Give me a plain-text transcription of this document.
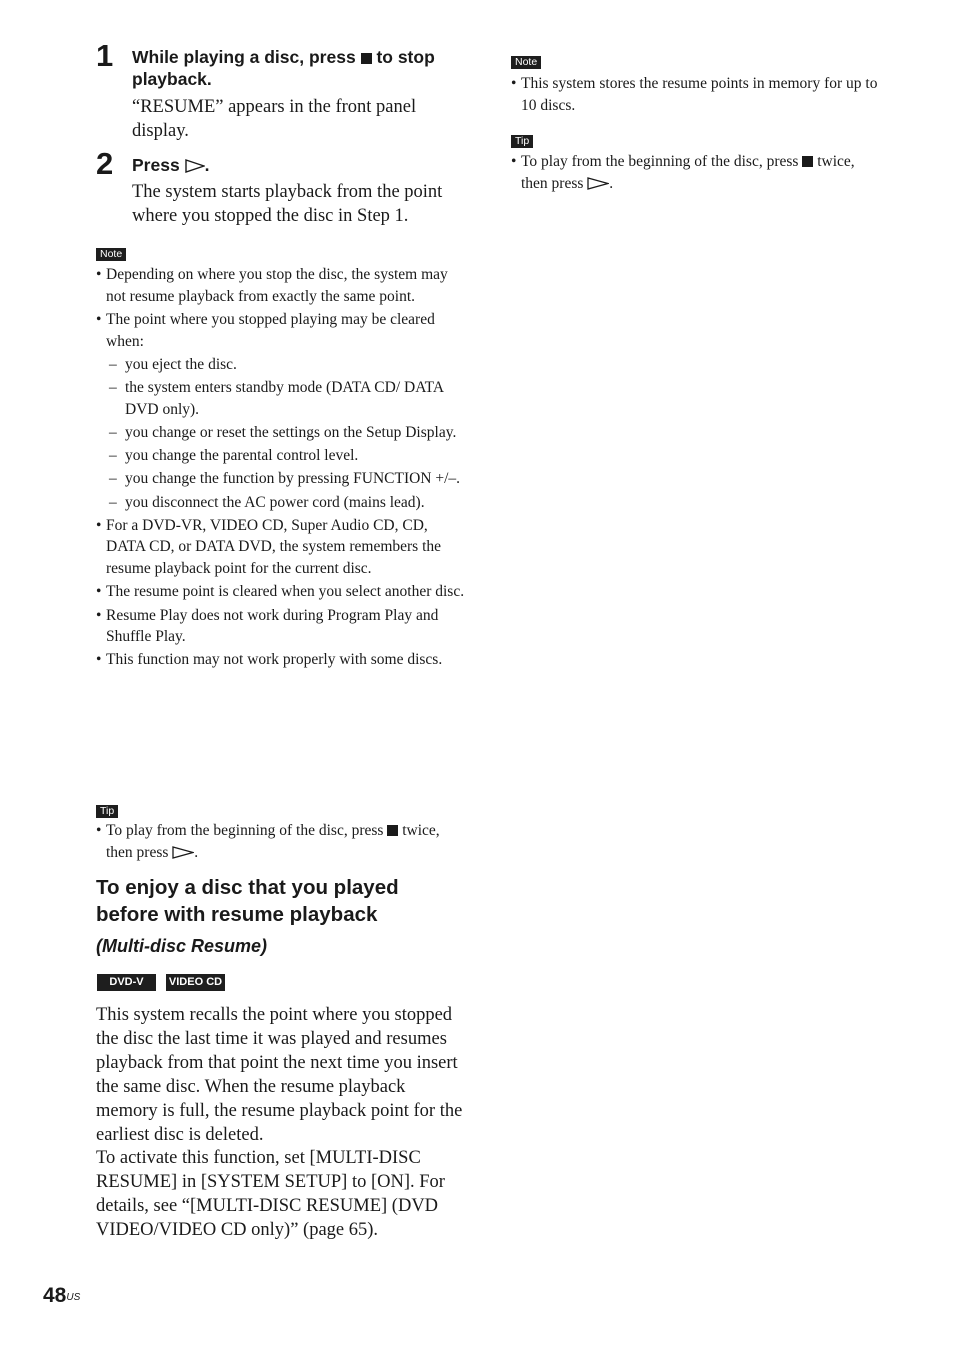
1 While playing a disc, press to stop playback.
“RESUME” appears in the front panel display.
2 Press .
The system starts playback from the point where you stopped the disc in Step 1.
Note
• Depending on where you stop the disc, the system may not resume playback from exactly the same point.
• The point where you stopped playing may be cleared when:
– you eject the disc.
– the system enters standby mode (DATA CD/ DATA DVD only).
– you change or reset the settings on the Setup Display.
– you change the parental control level.
– you change the function by pressing FUNCTION +/–.
– you disconnect the AC power cord (mains lead).
• For a DVD-VR, VIDEO CD, Super Audio CD, CD, DATA CD, or DATA DVD, the system remembers the resume playback point for the current disc.
• The resume point is cleared when you select another disc.
• Resume Play does not work during Program Play and Shuffle Play.
• This function may not work properly with some discs.
Tip
• To play from the beginning of the disc, press twice, then press .
To enjoy a disc that you played before with resume playback
(Multi-disc Resume)
DVD-V	VIDEO CD
This system recalls the point where you stopped the disc the last time it was played and resumes playback from that point the next time you insert the same disc. When the resume playback memory is full, the resume playback point for the earliest disc is deleted.
To activate this function, set [MULTI-DISC RESUME] in [SYSTEM SETUP] to [ON]. For details, see “[MULTI-DISC RESUME] (DVD VIDEO/VIDEO CD only)” (page 65).
Note
• This system stores the resume points in memory for up to 10 discs.
Tip
• To play from the beginning of the disc, press twice, then press .
$48^{US}$
